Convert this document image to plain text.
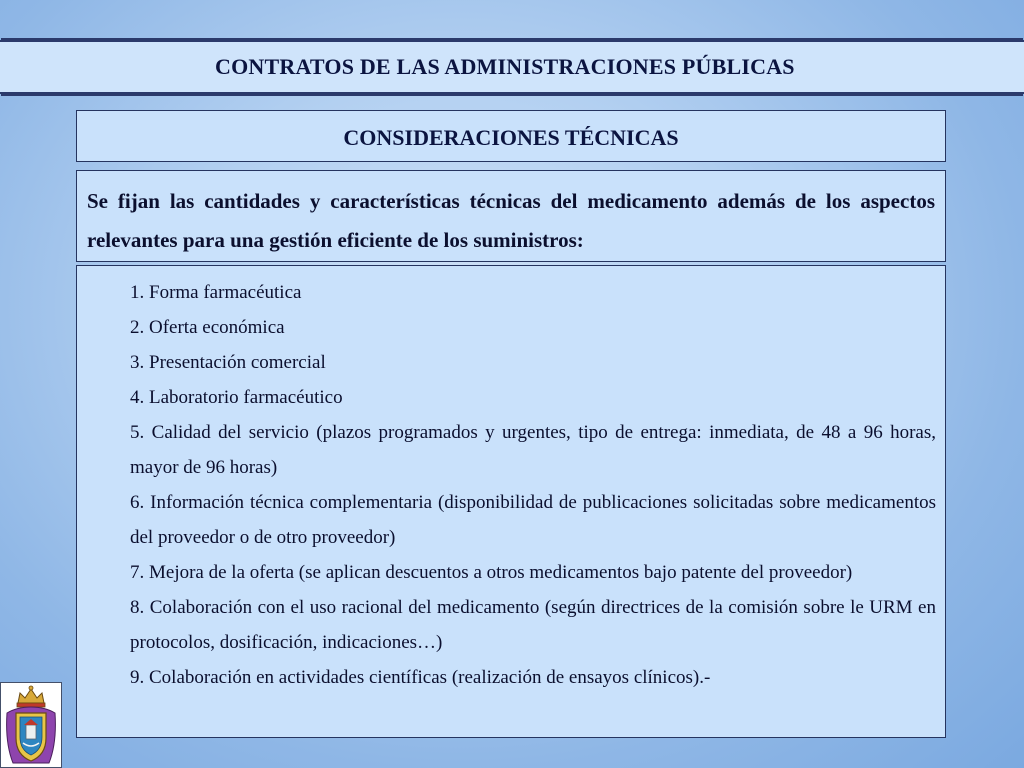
CONTRATOS DE LAS ADMINISTRACIONES PÚBLICAS
CONSIDERACIONES TÉCNICAS
Se fijan las cantidades y características técnicas del medicamento además de los aspectos relevantes para una gestión eficiente de los suministros:
1. Forma farmacéutica
2. Oferta económica
3. Presentación comercial
4. Laboratorio farmacéutico
5. Calidad del servicio (plazos programados y urgentes, tipo de entrega: inmediata, de 48 a 96 horas, mayor de 96 horas)
6. Información técnica complementaria (disponibilidad de publicaciones solicitadas sobre medicamentos del proveedor o de otro proveedor)
7. Mejora de la oferta (se aplican descuentos a otros medicamentos bajo patente del proveedor)
8. Colaboración con el uso racional del medicamento (según directrices de la comisión sobre le URM en protocolos, dosificación, indicaciones…)
9. Colaboración en actividades científicas (realización de ensayos clínicos).-
